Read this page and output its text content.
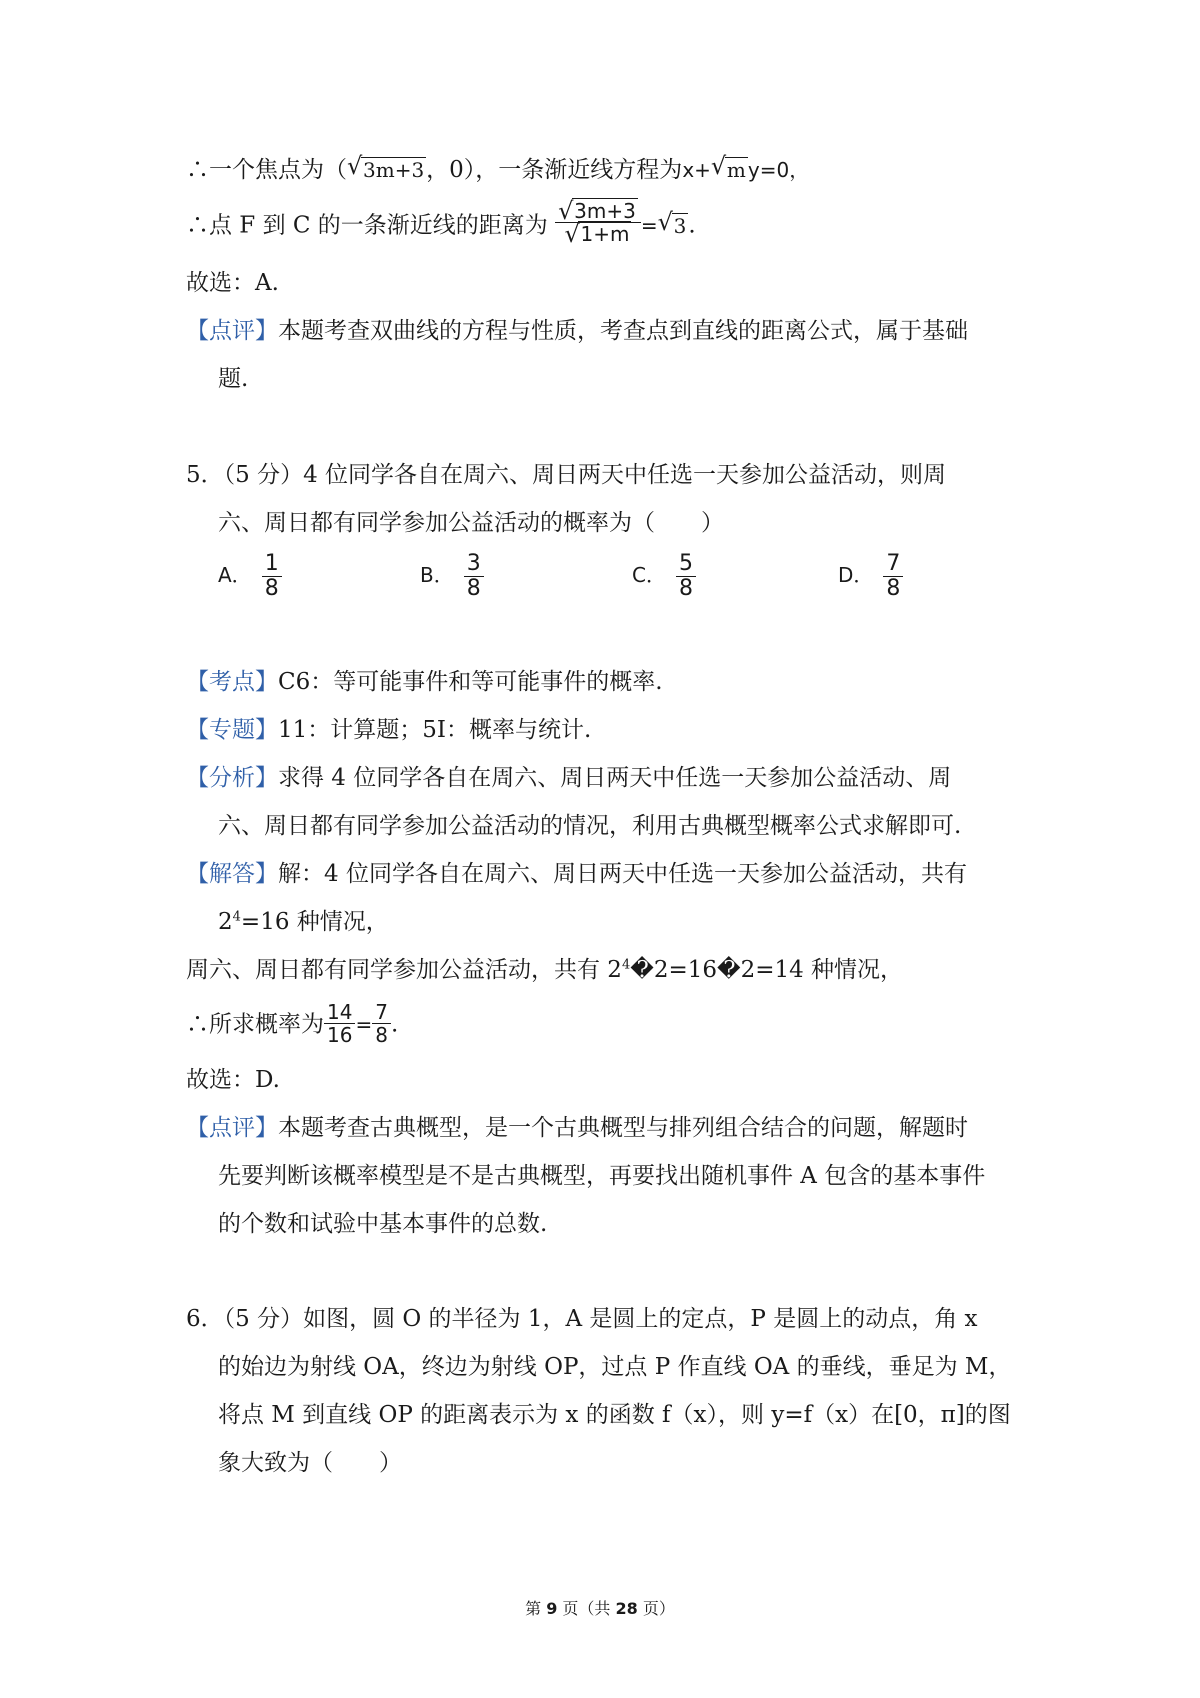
∴一个焦点为（ √ 3m+3，0），一条渐近线方程为x+ √ m y=0，
∴点 F 到 C 的一条渐近线的距离为 $\frac{√ 3m+3}{√ 1+m}$ = √ 3.
故选：A.
【点评】本题考查双曲线的方程与性质，考查点到直线的距离公式，属于基础
题.
5．（5 分）4 位同学各自在周六、周日两天中任选一天参加公益活动，则周
六、周日都有同学参加公益活动的概率为（　　）
A． $\frac{1}{8}$	B． $\frac{3}{8}$	C． $\frac{5}{8}$	D． $\frac{7}{8}$
【考点】C6：等可能事件和等可能事件的概率.
【专题】11：计算题；5I：概率与统计.
【分析】求得 4 位同学各自在周六、周日两天中任选一天参加公益活动、周
六、周日都有同学参加公益活动的情况，利用古典概型概率公式求解即可.
【解答】解：4 位同学各自在周六、周日两天中任选一天参加公益活动，共有
$2^4=16$ 种情况，
周六、周日都有同学参加公益活动，共有 $2^4�2=16�2=14$ 种情况，
∴所求概率为 $\frac{14}{16} = \frac{7}{8}$ .
故选：D.
【点评】本题考查古典概型，是一个古典概型与排列组合结合的问题，解题时
先要判断该概率模型是不是古典概型，再要找出随机事件 A 包含的基本事件
的个数和试验中基本事件的总数.
6．（5 分）如图，圆 O 的半径为 1，A 是圆上的定点，P 是圆上的动点，角 x
的始边为射线 OA，终边为射线 OP，过点 P 作直线 OA 的垂线，垂足为 M，
将点 M 到直线 OP 的距离表示为 x 的函数 f（x），则 y=f（x）在[0，π]的图
象大致为（　　）
第 9 页（共 28 页）
